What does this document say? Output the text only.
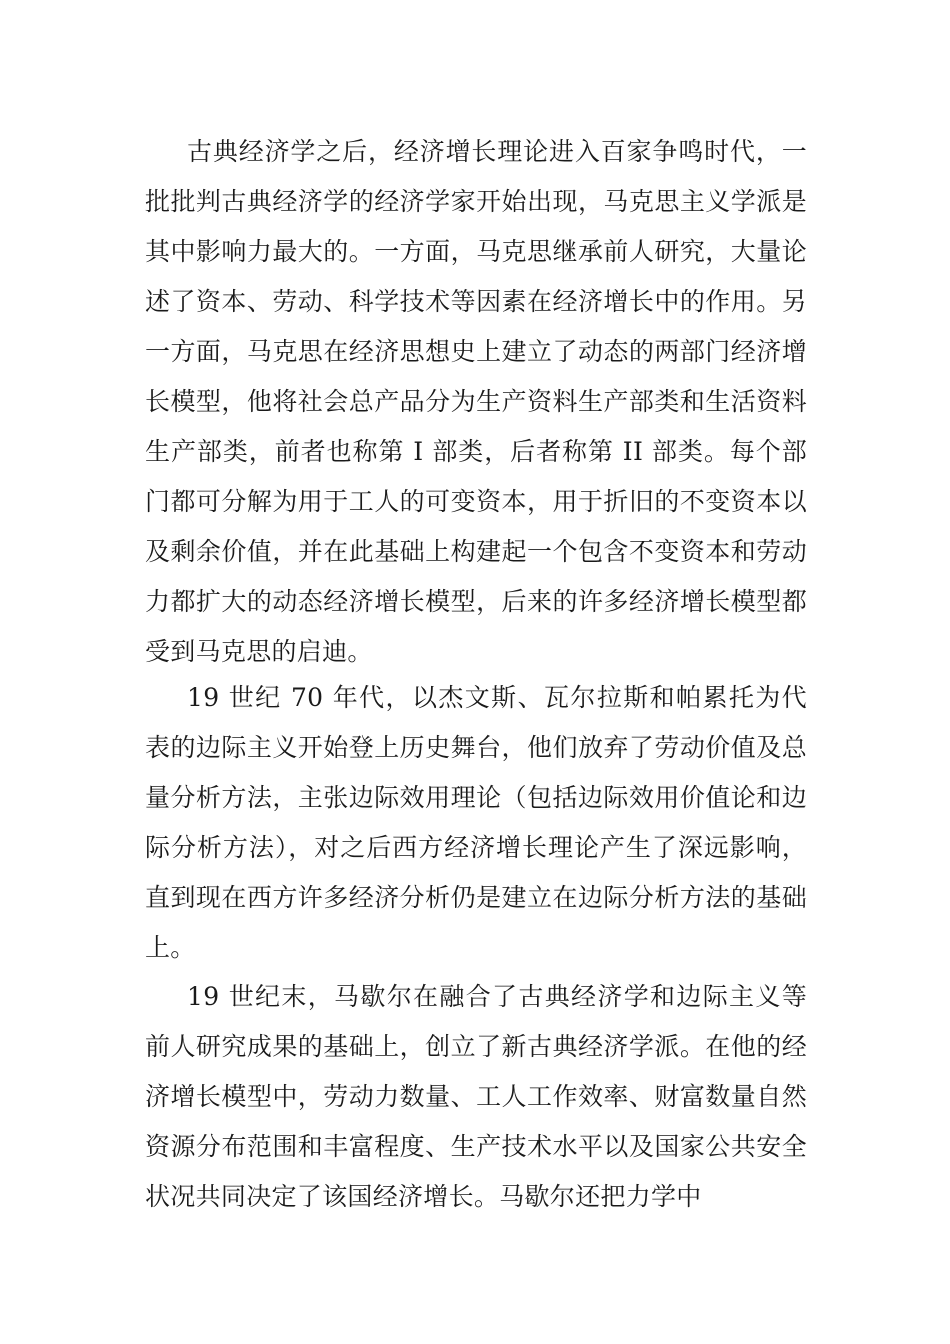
古典经济学之后，经济增长理论进入百家争鸣时代，一批批判古典经济学的经济学家开始出现，马克思主义学派是其中影响力最大的。一方面，马克思继承前人研究，大量论述了资本、劳动、科学技术等因素在经济增长中的作用。另一方面，马克思在经济思想史上建立了动态的两部门经济增长模型，他将社会总产品分为生产资料生产部类和生活资料生产部类，前者也称第 I 部类，后者称第 II 部类。每个部门都可分解为用于工人的可变资本，用于折旧的不变资本以及剩余价值，并在此基础上构建起一个包含不变资本和劳动力都扩大的动态经济增长模型，后来的许多经济增长模型都受到马克思的启迪。

19 世纪 70 年代，以杰文斯、瓦尔拉斯和帕累托为代表的边际主义开始登上历史舞台，他们放弃了劳动价值及总量分析方法，主张边际效用理论（包括边际效用价值论和边际分析方法），对之后西方经济增长理论产生了深远影响，直到现在西方许多经济分析仍是建立在边际分析方法的基础上。

19 世纪末，马歇尔在融合了古典经济学和边际主义等前人研究成果的基础上，创立了新古典经济学派。在他的经济增长模型中，劳动力数量、工人工作效率、财富数量自然资源分布范围和丰富程度、生产技术水平以及国家公共安全状况共同决定了该国经济增长。马歇尔还把力学中
